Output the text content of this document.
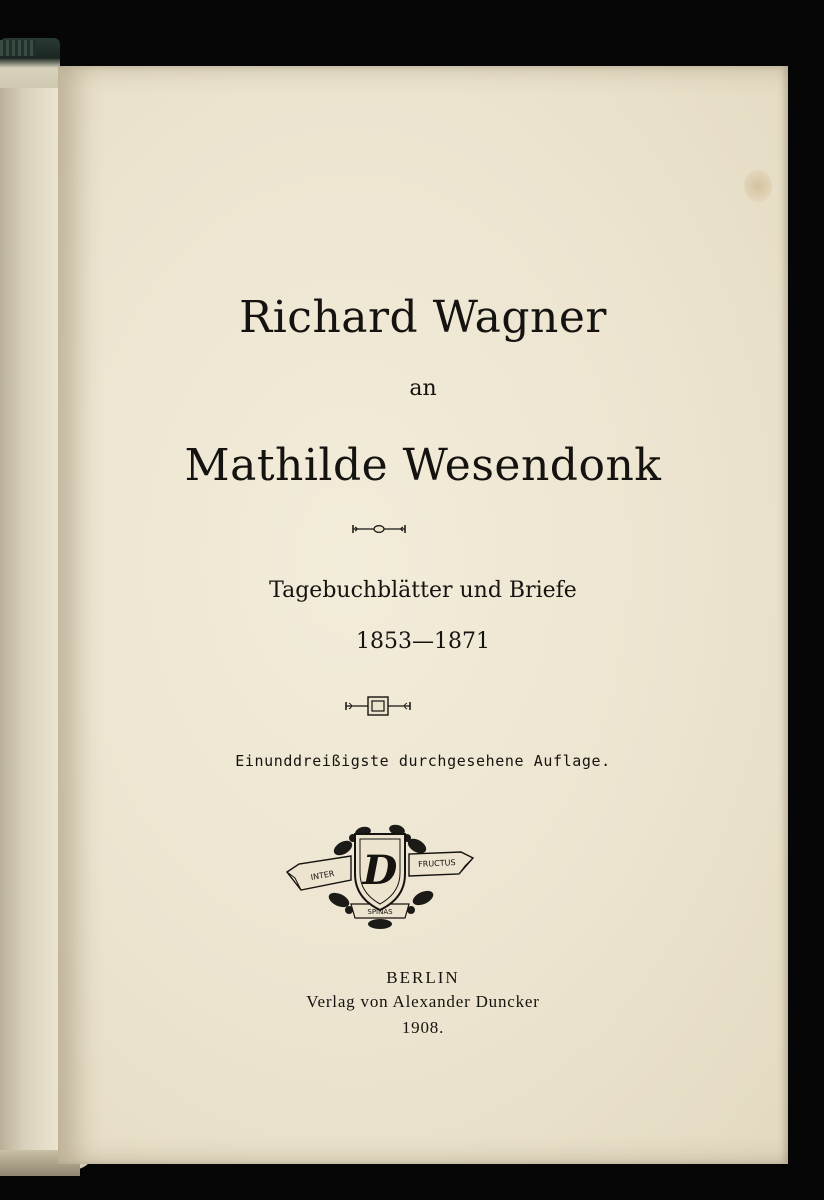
Richard Wagner
an
Mathilde Wesendonk
Tagebuchblätter und Briefe
1853—1871
Einunddreißigste durchgesehene Auflage.
D
INTER
FRUCTUS
SPINAS
BERLIN
Verlag von Alexander Duncker
1908.
